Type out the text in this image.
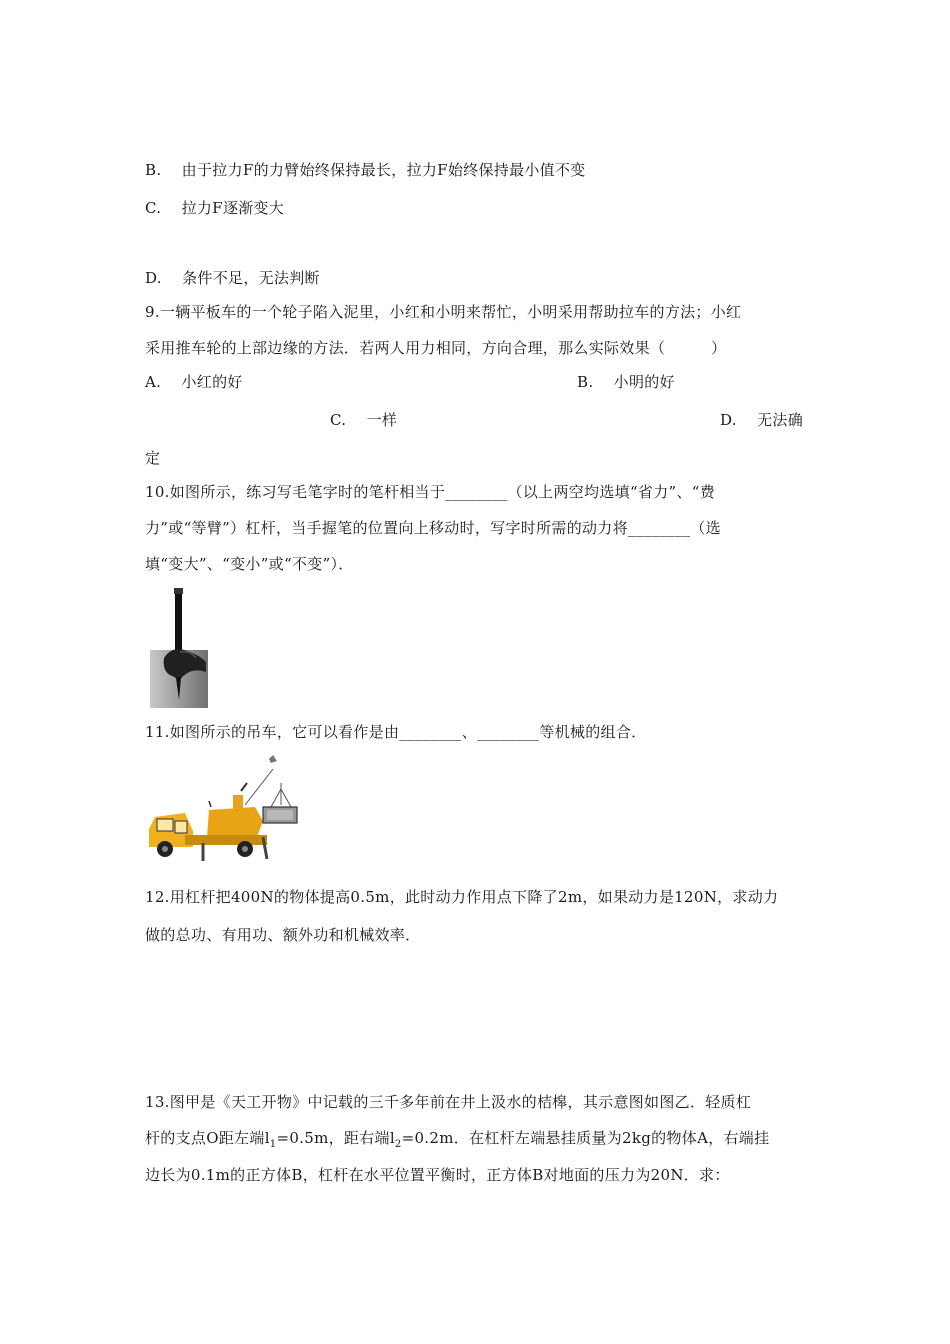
B.    由于拉力F的力臂始终保持最长，拉力F始终保持最小值不变
C.    拉力F逐渐变大
D.    条件不足，无法判断
9.一辆平板车的一个轮子陷入泥里，小红和小明来帮忙，小明采用帮助拉车的方法；小红
采用推车轮的上部边缘的方法．若两人用力相同，方向合理，那么实际效果（　　　）
A.    小红的好	B.    小明的好
C.    一样	D.    无法确
定
10.如图所示，练习写毛笔字时的笔杆相当于________（以上两空均选填“省力”、“费
力”或“等臂”）杠杆，当手握笔的位置向上移动时，写字时所需的动力将________（选
填“变大”、“变小”或“不变”）．
11.如图所示的吊车，它可以看作是由________、________等机械的组合．
12.用杠杆把400N的物体提高0.5m，此时动力作用点下降了2m，如果动力是120N，求动力
做的总功、有用功、额外功和机械效率．
13.图甲是《天工开物》中记载的三千多年前在井上汲水的桔槔，其示意图如图乙．轻质杠
杆的支点O距左端$l_1=0.5m$，距右端$l_2=0.2m$．在杠杆左端悬挂质量为2kg的物体A，右端挂
边长为0.1m的正方体B，杠杆在水平位置平衡时，正方体B对地面的压力为20N．求：
